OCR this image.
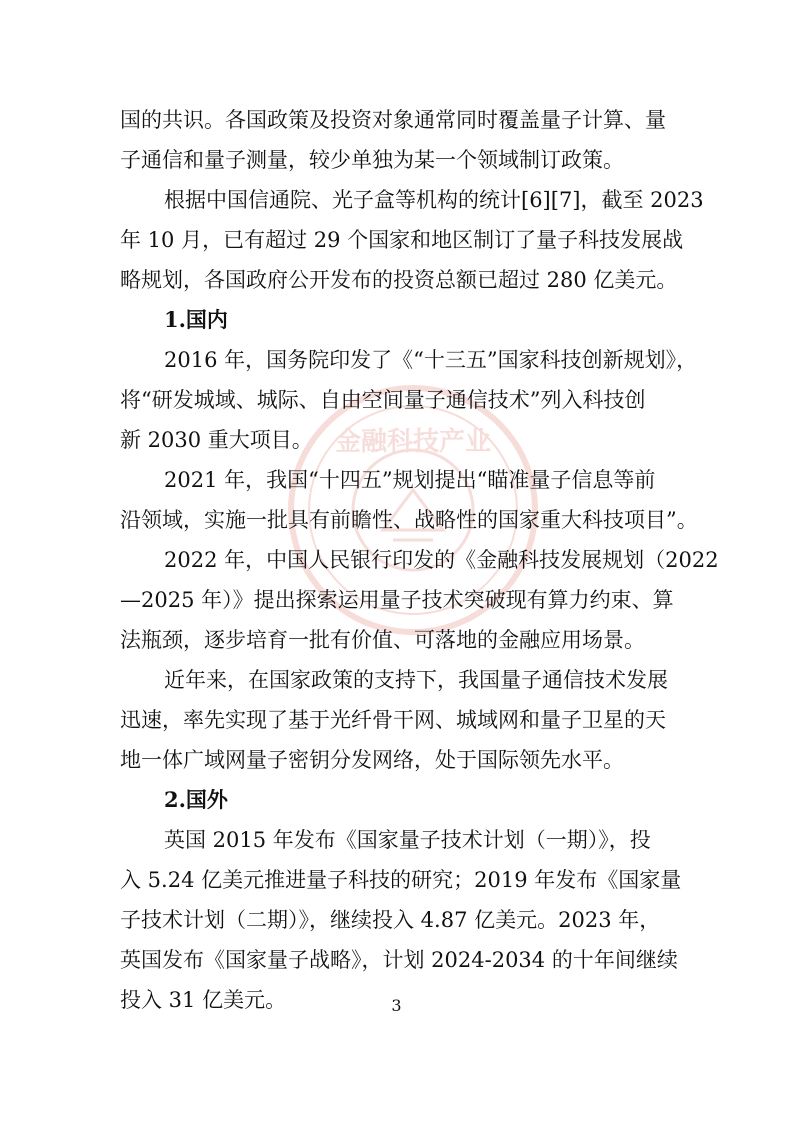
金融科技产业
国的共识。各国政策及投资对象通常同时覆盖量子计算、量
子通信和量子测量，较少单独为某一个领域制订政策。
根据中国信通院、光子盒等机构的统计[6][7]，截至 2023
年 10 月，已有超过 29 个国家和地区制订了量子科技发展战
略规划，各国政府公开发布的投资总额已超过 280 亿美元。
1.国内
2016 年，国务院印发了《“十三五”国家科技创新规划》，
将“研发城域、城际、自由空间量子通信技术”列入科技创
新 2030 重大项目。
2021 年，我国“十四五”规划提出“瞄准量子信息等前
沿领域，实施一批具有前瞻性、战略性的国家重大科技项目”。
2022 年，中国人民银行印发的《金融科技发展规划（2022
—2025 年）》提出探索运用量子技术突破现有算力约束、算
法瓶颈，逐步培育一批有价值、可落地的金融应用场景。
近年来，在国家政策的支持下，我国量子通信技术发展
迅速，率先实现了基于光纤骨干网、城域网和量子卫星的天
地一体广域网量子密钥分发网络，处于国际领先水平。
2.国外
英国 2015 年发布《国家量子技术计划（一期）》，投
入 5.24 亿美元推进量子科技的研究；2019 年发布《国家量
子技术计划（二期）》，继续投入 4.87 亿美元。2023 年，
英国发布《国家量子战略》，计划 2024-2034 的十年间继续
投入 31 亿美元。	3
